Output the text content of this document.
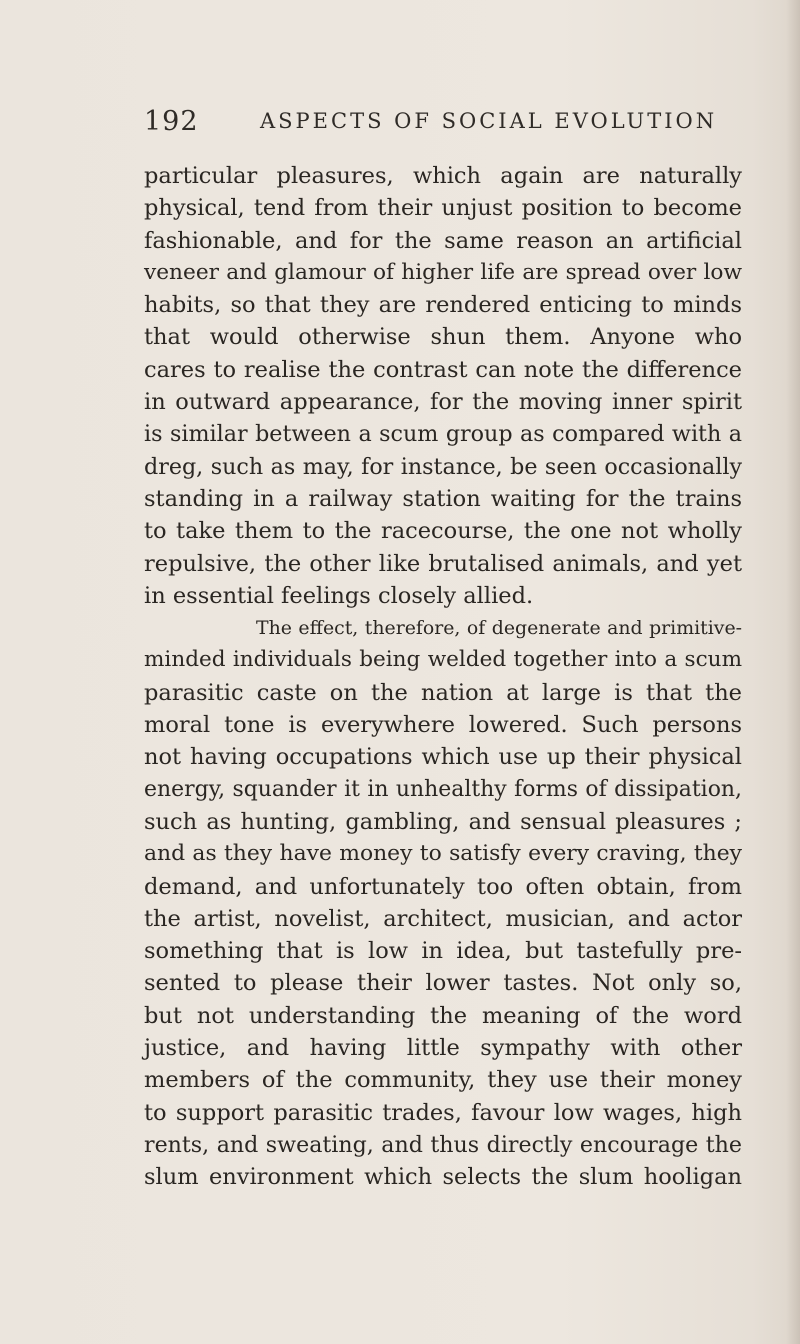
192	ASPECTS OF SOCIAL EVOLUTION
particular pleasures, which again are naturally
physical, tend from their unjust position to become
fashionable, and for the same reason an artificial
veneer and glamour of higher life are spread over low
habits, so that they are rendered enticing to minds
that would otherwise shun them. Anyone who
cares to realise the contrast can note the difference
in outward appearance, for the moving inner spirit
is similar between a scum group as compared with a
dreg, such as may, for instance, be seen occasionally
standing in a railway station waiting for the trains
to take them to the racecourse, the one not wholly
repulsive, the other like brutalised animals, and yet
in essential feelings closely allied.
The effect, therefore, of degenerate and primitive-
minded individuals being welded together into a scum
parasitic caste on the nation at large is that the
moral tone is everywhere lowered. Such persons
not having occupations which use up their physical
energy, squander it in unhealthy forms of dissipation,
such as hunting, gambling, and sensual pleasures ;
and as they have money to satisfy every craving, they
demand, and unfortunately too often obtain, from
the artist, novelist, architect, musician, and actor
something that is low in idea, but tastefully pre-
sented to please their lower tastes. Not only so,
but not understanding the meaning of the word
justice, and having little sympathy with other
members of the community, they use their money
to support parasitic trades, favour low wages, high
rents, and sweating, and thus directly encourage the
slum environment which selects the slum hooligan
